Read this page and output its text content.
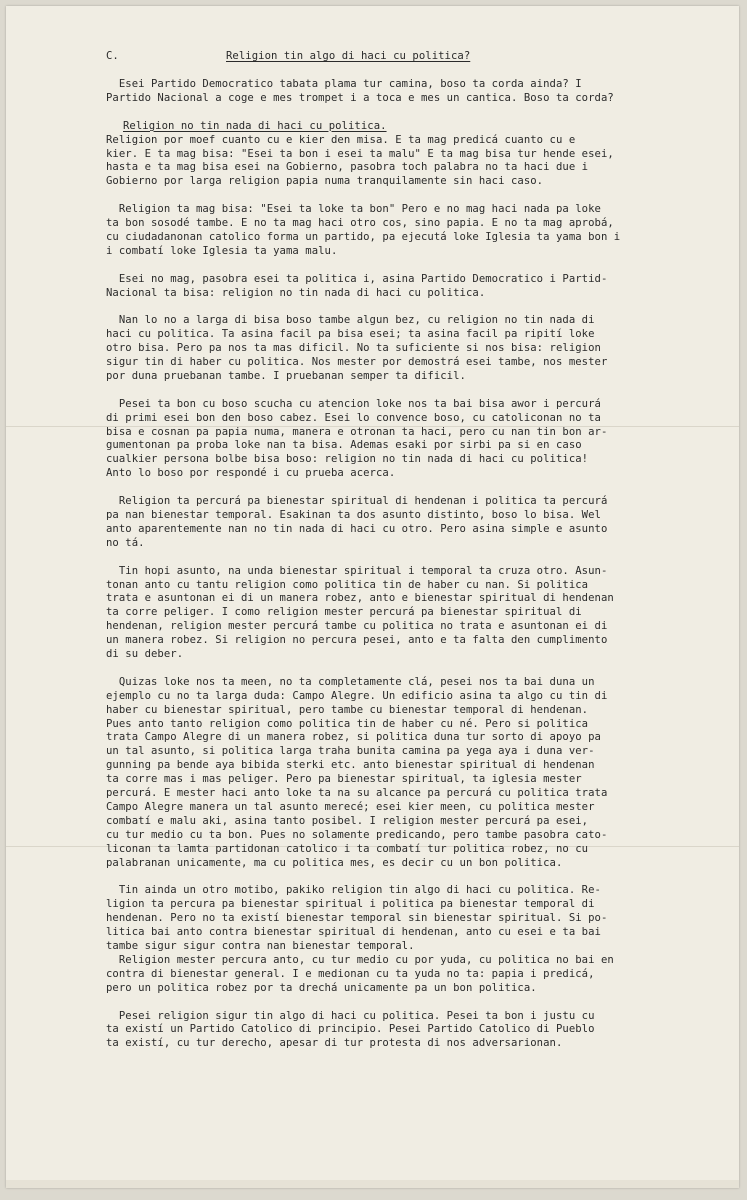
C.	Religion tin algo di haci cu politica?
Esei Partido Democratico tabata plama tur camina, boso ta corda ainda? I
Partido Nacional a coge e mes trompet i a toca e mes un cantica. Boso ta corda?
Religion no tin nada di haci cu politica.
Religion por moef cuanto cu e kier den misa. E ta mag predicá cuanto cu e
kier. E ta mag bisa: "Esei ta bon i esei ta malu" E ta mag bisa tur hende esei,
hasta e ta mag bisa esei na Gobierno, pasobra toch palabra no ta haci due i
Gobierno por larga religion papia numa tranquilamente sin haci caso.
Religion ta mag bisa: "Esei ta loke ta bon" Pero e no mag haci nada pa loke
ta bon sosodé tambe. E no ta mag haci otro cos, sino papia. E no ta mag aprobá,
cu ciudadanonan catolico forma un partido, pa ejecutá loke Iglesia ta yama bon i
i combatí loke Iglesia ta yama malu.
Esei no mag, pasobra esei ta politica i, asina Partido Democratico i Partid-
Nacional ta bisa: religion no tin nada di haci cu politica.
Nan lo no a larga di bisa boso tambe algun bez, cu religion no tin nada di
haci cu politica. Ta asina facil pa bisa esei; ta asina facil pa ripití loke
otro bisa. Pero pa nos ta mas dificil. No ta suficiente si nos bisa: religion
sigur tin di haber cu politica. Nos mester por demostrá esei tambe, nos mester
por duna pruebanan tambe. I pruebanan semper ta dificil.
Pesei ta bon cu boso scucha cu atencion loke nos ta bai bisa awor i percurá
di primi esei bon den boso cabez. Esei lo convence boso, cu catoliconan no ta
bisa e cosnan pa papia numa, manera e otronan ta haci, pero cu nan tin bon ar-
gumentonan pa proba loke nan ta bisa. Ademas esaki por sirbi pa si en caso
cualkier persona bolbe bisa boso: religion no tin nada di haci cu politica!
Anto lo boso por respondé i cu prueba acerca.
Religion ta percurá pa bienestar spiritual di hendenan i politica ta percurá
pa nan bienestar temporal. Esakinan ta dos asunto distinto, boso lo bisa. Wel
anto aparentemente nan no tin nada di haci cu otro. Pero asina simple e asunto
no tá.
Tin hopi asunto, na unda bienestar spiritual i temporal ta cruza otro. Asun-
tonan anto cu tantu religion como politica tin de haber cu nan. Si politica
trata e asuntonan ei di un manera robez, anto e bienestar spiritual di hendenan
ta corre peliger. I como religion mester percurá pa bienestar spiritual di
hendenan, religion mester percurá tambe cu politica no trata e asuntonan ei di
un manera robez. Si religion no percura pesei, anto e ta falta den cumplimento
di su deber.
Quizas loke nos ta meen, no ta completamente clá, pesei nos ta bai duna un
ejemplo cu no ta larga duda: Campo Alegre. Un edificio asina ta algo cu tin di
haber cu bienestar spiritual, pero tambe cu bienestar temporal di hendenan.
Pues anto tanto religion como politica tin de haber cu né. Pero si politica
trata Campo Alegre di un manera robez, si politica duna tur sorto di apoyo pa
un tal asunto, si politica larga traha bunita camina pa yega aya i duna ver-
gunning pa bende aya bibida sterki etc. anto bienestar spiritual di hendenan
ta corre mas i mas peliger. Pero pa bienestar spiritual, ta iglesia mester
percurá. E mester haci anto loke ta na su alcance pa percurá cu politica trata
Campo Alegre manera un tal asunto mereсé; esei kier meen, cu politica mester
combatí e malu aki, asina tanto posibel. I religion mester percurá pa esei,
cu tur medio cu ta bon. Pues no solamente predicando, pero tambe pasobra cato-
liconan ta lamta partidonan catolico i ta combatí tur politica robez, no cu
palabranan unicamente, ma cu politica mes, es decir cu un bon politica.
Tin ainda un otro motibo, pakiko religion tin algo di haci cu politica. Re-
ligion ta percura pa bienestar spiritual i politica pa bienestar temporal di
hendenan. Pero no ta existí bienestar temporal sin bienestar spiritual. Si po-
litica bai anto contra bienestar spiritual di hendenan, anto cu esei e ta bai
tambe sigur sigur contra nan bienestar temporal.
Religion mester percura anto, cu tur medio cu por yuda, cu politica no bai en
contra di bienestar general. I e medionan cu ta yuda no ta: papia i predicá,
pero un politica robez por ta drechá unicamente pa un bon politica.
Pesei religion sigur tin algo di haci cu politica. Pesei ta bon i justu cu
ta existí un Partido Catolico di principio. Pesei Partido Catolico di Pueblo
ta existí, cu tur derecho, apesar di tur protesta di nos adversarionan.
